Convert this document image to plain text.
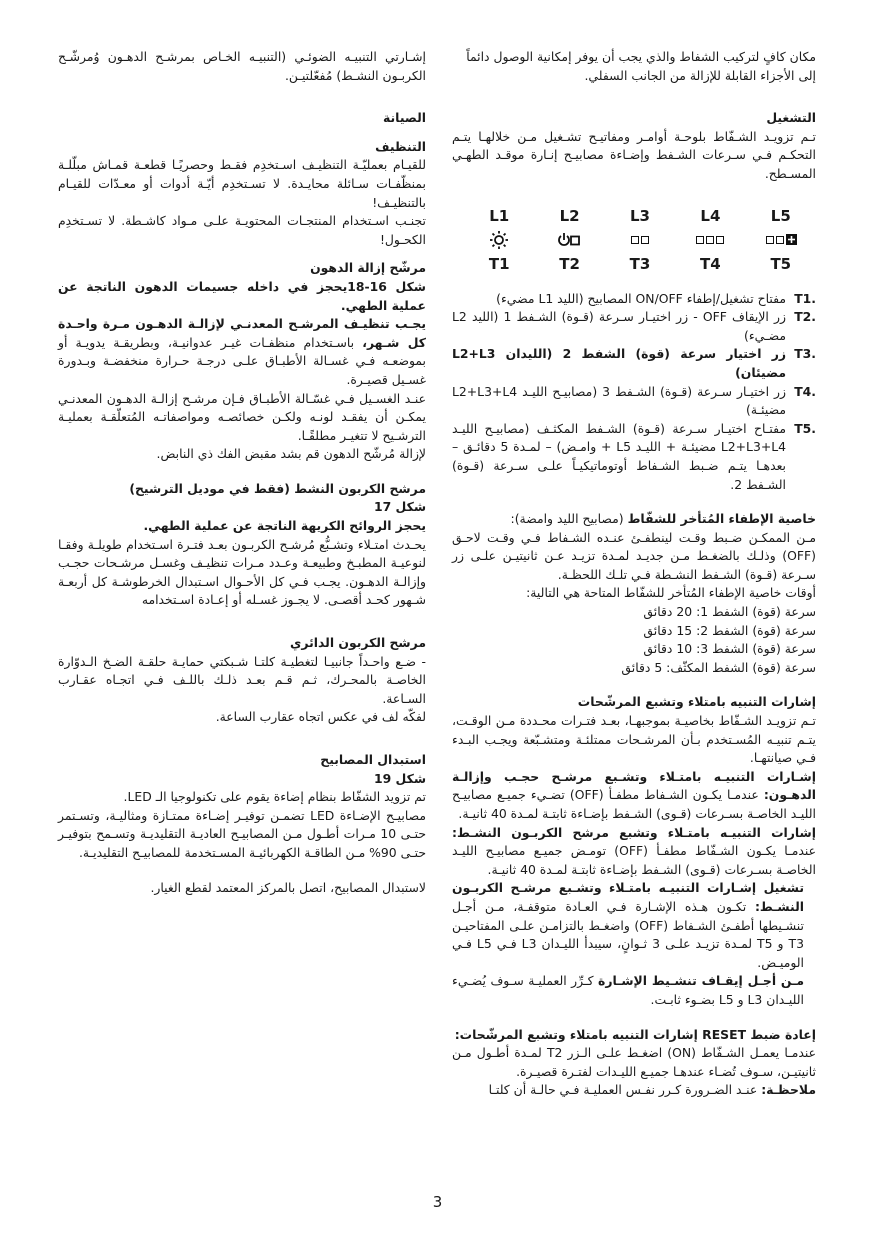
مكان كافٍ لتركيب الشفاط والذي يجب أن يوفر إمكانية الوصول دائماً

إلى الأجزاء القابلة للإزالة من الجانب السفلي.

التشغيل

تـم تزويـد الشـفّاط بلوحـة أوامـر ومفاتيـح تشـغيل مـن خلالهـا يتـم التحكـم فـي سـرعات الشـفط وإضـاءة مصابيـح إنـارة موقـد الطهـي المسـطح.

L1	L2	L3	L4	L5
T1	T2	T3	T4	T5
T1.
مفتاح تشغيل/إطفاء ON/OFF المصابيح (الليد L1 مضيء)
T2.
زر الإيقاف OFF - زر اختيـار سـرعة (قـوة) الشـفط 1 (الليد L2 مضـيء)
T3.
زر اختيار سرعة (قوة) الشفط 2 (الليدان L2+L3 مضيئان)
T4.
زر اختيـار سـرعة (قـوة) الشـفط 3 (مصابيـح الليـد L2+L3+L4 مضيئـة)
T5.
مفتـاح اختيـار سـرعة (قـوة) الشـفط المكثـف (مصابيـح الليـد L2+L3+L4 مضيئـة + الليـد L5 + وامـض) – لمـدة 5 دقائـق – بعدهـا يتـم ضـبط الشـفاط أوتوماتيكيـاً علـى سـرعة (قـوة) الشـفط 2.

خاصية الإطفاء المُتأخر للشفّاط (مصابيح الليد وامضة):

مـن الممكـن ضـبط وقـت لينطفـئ عنـده الشـفاط فـي وقـت لاحـق (OFF) وذلـك بالضغـط مـن جديـد لمـدة تزيـد عـن ثانيتيـن علـى زر سـرعة (قـوة) الشـفط النشـطة فـي تلـك اللحظـة.

أوقات خاصية الإطفاء المُتأخر للشفّاط المتاحة هي التالية:

سرعة (قوة) الشفط 1: 20 دقائق

سرعة (قوة) الشفط 2: 15 دقائق

سرعة (قوة) الشفط 3: 10 دقائق

سرعة (قوة) الشفط المكثّف: 5 دقائق

إشارات التنبيه بامتلاء وتشبع المرشّحات

تـم تزويـد الشـفّاط بخاصيـة بموجبهـا، بعـد فتـرات محـددة مـن الوقـت، يتـم تنبيـه المُسـتخدم بـأن المرشـحات ممتلئـة ومتشـبّعة ويجـب البـدء فـي صيانتهـا.

إشـارات التنبيـه بامتـلاء وتشـبع مرشـح حجـب وإزالـة الدهـون: عندمـا يكـون الشـفاط مطفـأ (OFF) تضـيء جميـع مصابيـح الليـد الخاصـة بسـرعات (قـوى) الشـفط بإضـاءة ثابتـة لمـدة 40 ثانيـة.

إشارات التنبيـه بامتـلاء وتشبع مرشح الكربـون النشـط: عندمـا يكـون الشـفّاط مطفـأ (OFF) تومـض جميـع مصابيـح الليـد الخاصـة بسـرعات (قـوى) الشـفط بإضـاءة ثابتـة لمـدة 40 ثانيـة.

تشغيل إشـارات التنبيـه بامتـلاء وتشـبع مرشـح الكربـون النشـط: تكـون هـذه الإشـارة فـي العـادة متوقفـة، مـن أجـل تنشـيطها أطفـئ الشـفاط (OFF) واضغـط بالتزامـن علـى المفتاحيـن T3 و T5 لمـدة تزيـد علـى 3 ثـوانٍ، سيبدأ الليـدان L3 فـي L5 فـي الوميـض.

مـن أجـل إيقـاف تنشـيط الإشـارة كـرِّر العمليـة سـوف يُضـيء الليـدان L3 و L5 بضـوء ثابـت.

إعادة ضبط RESET إشارات التنبيه بامتلاء وتشبع المرشّحات:

عندمـا يعمـل الشـفّاط (ON) اضغـط علـى الـزر T2 لمـدة أطـول مـن ثانيتيـن، سـوف تُضـاء عندهـا جميـع الليـدات لفتـرة قصيـرة.

ملاحظـة: عنـد الضـرورة كـرر نفـس العمليـة فـي حالـة أن كلتـا

إشـارتي التنبيـه الضوئـي (التنبيـه الخـاص بمرشـح الدهـون وُمرشّـح الكربـون النشـط) مُفعّلتيـن.

الصيانة

التنظيف

للقيـام بعمليّـة التنظيـف اسـتخدِم فقـط وحصريًـا قطعـة قمـاش مبلّلـة بمنظّفـات سـائلة محايـدة. لا تسـتخدِم أيّـة أدوات أو معـدّات للقيـام بالتنظيـف!

تجنـب اسـتخدام المنتجـات المحتويـة علـى مـواد كاشـطة. لا تسـتخدِم الكحـول!

مرشّح إزالة الدهون

شكل 16-18يحجز في داخله جسيمات الدهون الناتجة عن عملية الطهي.

يجـب تنظيـف المرشـح المعدنـي لإزالـة الدهـون مـرة واحـدة كل شـهر، باسـتخدام منظفـات غيـر عدوانيـة، وبطريقـة يدويـة أو بموضعـه فـي غسـالة الأطبـاق علـى درجـة حـرارة منخفضـة وبـدورة غسـيل قصيـرة.

عنـد الغسـيل فـي غسّـالة الأطبـاق فـإن مرشـح إزالـة الدهـون المعدنـي يمكـن أن يفقـد لونـه ولكـن خصائصـه ومواصفاتـه المُتعلّقـة بعمليـة الترشـيح لا تتغيـر مطلقًـا.

لإزالة مُرشّح الدهون قم بشد مقبض الفك ذي النابض.

مرشح الكربون النشط (فقط في موديل الترشيح)

شكل 17

يحجز الروائح الكريهة الناتجة عن عملية الطهي.

يحـدث امتـلاء وتشـبُّع مُرشـح الكربـون بعـد فتـرة اسـتخدام طويلـة وفقـا لنوعيـة المطبـخ وطبيعـة وعـدد مـرات تنظيـف وغسـل مرشـحات حجـب وإزالـة الدهـون. يجـب فـي كل الأحـوال اسـتبدال الخرطوشـة كل أربعـة شـهور كحـد أقصـى. لا يجـوز غسـله أو إعـادة اسـتخدامه

مرشح الكربون الدائري

- ضـع واحـداً جانبيـا لتغطيـة كلتـا شـبكتي حمايـة حلقـة الضـخ الـدوّارة الخاصـة بالمحـرك، ثـم قـم بعـد ذلـك باللـف فـي اتجـاه عقـارب السـاعة.

لفكّه لف في عكس اتجاه عقارب الساعة.

استبدال المصابيح

شكل 19

تم تزويد الشفّاط بنظام إضاءة يقوم على تكنولوجيا الـ LED.

مصابيـح الإضـاءة LED تضمـن توفيـر إضـاءة ممتـازة ومثاليـة، وتسـتمر حتـى 10 مـرات أطـول مـن المصابيـح العاديـة التقليديـة وتسـمح بتوفيـر حتـى 90% مـن الطاقـة الكهربائيـة المسـتخدمة للمصابيـح التقليديـة.

لاستبدال المصابيح، اتصل بالمركز المعتمد لقطع الغيار.

3
